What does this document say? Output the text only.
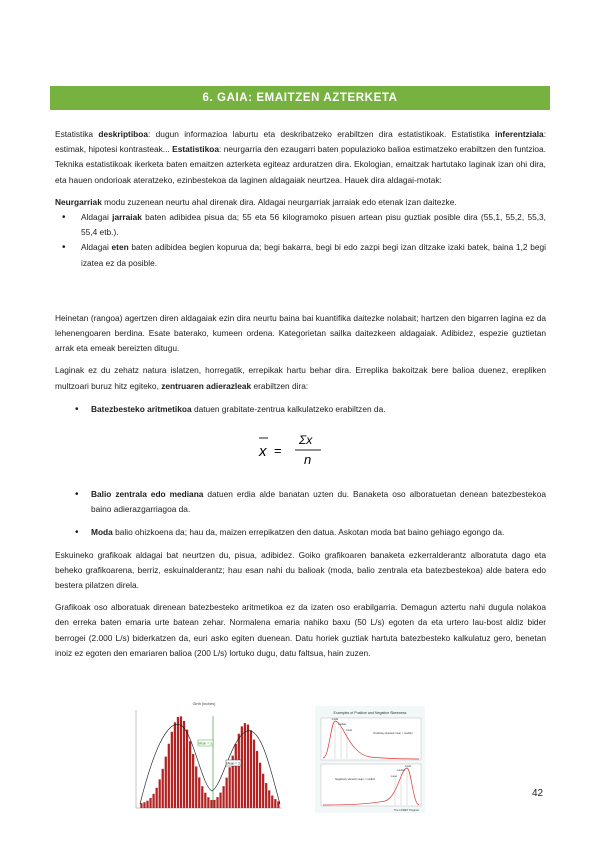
6. GAIA: EMAITZEN AZTERKETA

Estatistika deskriptiboa: dugun informazioa laburtu eta deskribatzeko erabiltzen dira estatistikoak. Estatistika inferentziala: estimak, hipotesi kontrasteak... Estatistikoa: neurgarria den ezaugarri baten populazioko balioa estimatzeko erabiltzen den funtzioa. Teknika estatistikoak ikerketa baten emaitzen azterketa egiteaz arduratzen dira. Ekologian, emaitzak hartutako laginak izan ohi dira, eta hauen ondorioak ateratzeko, ezinbestekoa da laginen aldagaiak neurtzea. Hauek dira aldagai-motak:

Neurgarriak modu zuzenean neurtu ahal direnak dira. Aldagai neurgarriak jarraiak edo etenak izan daitezke.

• Aldagai jarraiak baten adibidea pisua da; 55 eta 56 kilogramoko pisuen artean pisu guztiak posible dira (55,1, 55,2, 55,3, 55,4 etb.).
• Aldagai eten baten adibidea begien kopurua da; begi bakarra, begi bi edo zazpi begi izan ditzake izaki batek, baina 1,2 begi izatea ez da posible.

Heinetan (rangoa) agertzen diren aldagaiak ezin dira neurtu baina bai kuantifika daitezke nolabait; hartzen den bigarren lagina ez da lehenengoaren berdina. Esate baterako, kumeen ordena. Kategorietan sailka daitezkeen aldagaiak. Adibidez, espezie guztietan arrak eta emeak bereizten ditugu.

Laginak ez du zehatz natura islatzen, horregatik, errepikak hartu behar dira. Erreplika bakoitzak bere balioa duenez, erepliken multzoari buruz hitz egiteko, zentruaren adierazleak erabiltzen dira:

• Batezbesteko aritmetikoa datuen grabitate-zentrua kalkulatzeko erabiltzen da.
• Balio zentrala edo mediana datuen erdia alde banatan uzten du. Banaketa oso alboratuetan denean batezbestekoa baino adierazgarriagoa da.
• Moda balio ohizkoena da; hau da, maizen errepikatzen den datua. Askotan moda bat baino gehiago egongo da.

Eskuineko grafikoak aldagai bat neurtzen du, pisua, adibidez. Goiko grafikoaren banaketa ezkerralderantz alboratuta dago eta beheko grafikoarena, berriz, eskuinalderantz; hau esan nahi du balioak (moda, balio zentrala eta batezbestekoa) alde batera edo bestera pilatzen direla.

Grafikoak oso alboratuak direnean batezbesteko aritmetikoa ez da izaten oso erabilgarria. Demagun aztertu nahi dugula nolakoa den erreka baten emaria urte batean zehar. Normalena emaria nahiko baxu (50 L/s) egoten da eta urtero lau-bost aldiz bider berrogei (2.000 L/s) biderkatzen da, euri asko egiten duenean. Datu horiek guztiak hartuta batezbesteko kalkulatuz gero, benetan inoiz ez egoten den emariaren balioa (200 L/s) lortuko dugu, datu faltsua, hain zuzen.

x =
Σx
n
Girth (inches)
Mean = 3.
Mean = 3.
Examples of Positive and Negative Skewness
mode
median
mean
Positively skewed mean > median
mean
median
mode
Negatively skewed mean < median
The COMET Program
42
